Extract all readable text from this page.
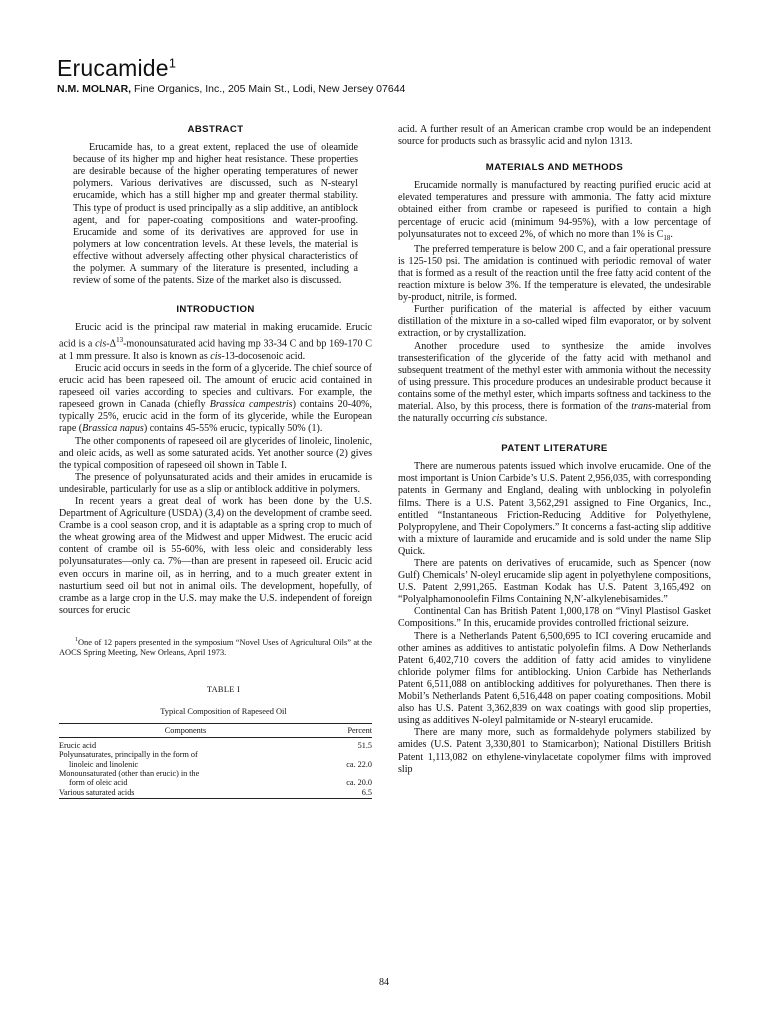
Erucamide$^1$
N.M. MOLNAR, Fine Organics, Inc., 205 Main St., Lodi, New Jersey 07644
ABSTRACT

Erucamide has, to a great extent, replaced the use of oleamide because of its higher mp and higher heat resistance. These properties are desirable because of the higher operating temperatures of newer polymers. Various derivatives are discussed, such as N-stearyl erucamide, which has a still higher mp and greater thermal stability. This type of product is used principally as a slip additive, an antiblock agent, and for paper-coating compositions and water-proofing. Erucamide and some of its derivatives are approved for use in polymers at low concentration levels. At these levels, the material is effective without adversely affecting other physical characteristics of the polymer. A summary of the literature is presented, including a review of some of the patents. Size of the market also is discussed.

INTRODUCTION

Erucic acid is the principal raw material in making erucamide. Erucic acid is a cis-$\Delta^{13}$-monounsaturated acid having mp 33-34 C and bp 169-170 C at 1 mm pressure. It also is known as cis-13-docosenoic acid.

Erucic acid occurs in seeds in the form of a glyceride. The chief source of erucic acid has been rapeseed oil. The amount of erucic acid contained in rapeseed oil varies according to species and cultivars. For example, the rapeseed grown in Canada (chiefly Brassica campestris) contains 20-40%, typically 25%, erucic acid in the form of its glyceride, while the European rape (Brassica napus) contains 45-55% erucic, typically 50% (1).

The other components of rapeseed oil are glycerides of linoleic, linolenic, and oleic acids, as well as some saturated acids. Yet another source (2) gives the typical composition of rapeseed oil shown in Table I.

The presence of polyunsaturated acids and their amides in erucamide is undesirable, particularly for use as a slip or antiblock additive in polymers.

In recent years a great deal of work has been done by the U.S. Department of Agriculture (USDA) (3,4) on the development of crambe seed. Crambe is a cool season crop, and it is adaptable as a spring crop to much of the wheat growing area of the Midwest and upper Midwest. The erucic acid content of crambe oil is 55-60%, with less oleic and considerably less polyunsaturates—only ca. 7%—than are present in rapeseed oil. Erucic acid even occurs in marine oil, as in herring, and to a much greater extent in nasturtium seed oil but not in animal oils. The development, hopefully, of crambe as a large crop in the U.S. may make the U.S. independent of foreign sources for erucic

$^1$One of 12 papers presented in the symposium “Novel Uses of Agricultural Oils” at the AOCS Spring Meeting, New Orleans, April 1973.

TABLE I

Typical Composition of Rapeseed Oil

Components	Percent
Erucic acid	51.5
Polyunsaturates, principally in the form of	
linoleic and linolenic	ca. 22.0
Monounsaturated (other than erucic) in the	
form of oleic acid	ca. 20.0
Various saturated acids	6.5

acid. A further result of an American crambe crop would be an independent source for products such as brassylic acid and nylon 1313.

MATERIALS AND METHODS

Erucamide normally is manufactured by reacting purified erucic acid at elevated temperatures and pressure with ammonia. The fatty acid mixture obtained either from crambe or rapeseed is purified to contain a high percentage of erucic acid (minimum 94-95%), with a low percentage of polyunsaturates not to exceed 2%, of which no more than 1% is $C_{18}$.

The preferred temperature is below 200 C, and a fair operational pressure is 125-150 psi. The amidation is continued with periodic removal of water that is formed as a result of the reaction until the free fatty acid content of the reaction mixture is below 3%. If the temperature is elevated, the undesirable by-product, nitrile, is formed.

Further purification of the material is affected by either vacuum distillation of the mixture in a so-called wiped film evaporator, or by solvent extraction, or by crystallization.

Another procedure used to synthesize the amide involves transesterification of the glyceride of the fatty acid with methanol and subsequent treatment of the methyl ester with ammonia without the necessity of using pressure. This procedure produces an undesirable product because it contains some of the methyl ester, which imparts softness and tackiness to the material. Also, by this process, there is formation of the trans-material from the naturally occurring cis substance.

PATENT LITERATURE

There are numerous patents issued which involve erucamide. One of the most important is Union Carbide’s U.S. Patent 2,956,035, with corresponding patents in Germany and England, dealing with unblocking in polyolefin films. There is a U.S. Patent 3,562,291 assigned to Fine Organics, Inc., entitled “Instantaneous Friction-Reducing Additive for Polyethylene, Polypropylene, and Their Copolymers.” It concerns a fast-acting slip additive with a mixture of lauramide and erucamide and is sold under the name Slip Quick.

There are patents on derivatives of erucamide, such as Spencer (now Gulf) Chemicals’ N-oleyl erucamide slip agent in polyethylene compositions, U.S. Patent 2,991,265. Eastman Kodak has U.S. Patent 3,165,492 on “Polyalphamonoolefin Films Containing N,N′-alkylenebisamides.”

Continental Can has British Patent 1,000,178 on “Vinyl Plastisol Gasket Compositions.” In this, erucamide provides controlled frictional seizure.

There is a Netherlands Patent 6,500,695 to ICI covering erucamide and other amines as additives to antistatic polyolefin films. A Dow Netherlands Patent 6,402,710 covers the addition of fatty acid amides to vinylidene chloride polymer films for antiblocking. Union Carbide has Netherlands Patent 6,511,088 on antiblocking additives for polyurethanes. Then there is Mobil’s Netherlands Patent 6,516,448 on paper coating compositions. Mobil also has U.S. Patent 3,362,839 on wax coatings with good slip properties, using as additives N-oleyl palmitamide or N-stearyl erucamide.

There are many more, such as formaldehyde polymers stabilized by amides (U.S. Patent 3,330,801 to Stamicarbon); National Distillers British Patent 1,113,082 on ethylene-vinylacetate copolymer films with improved slip

84
